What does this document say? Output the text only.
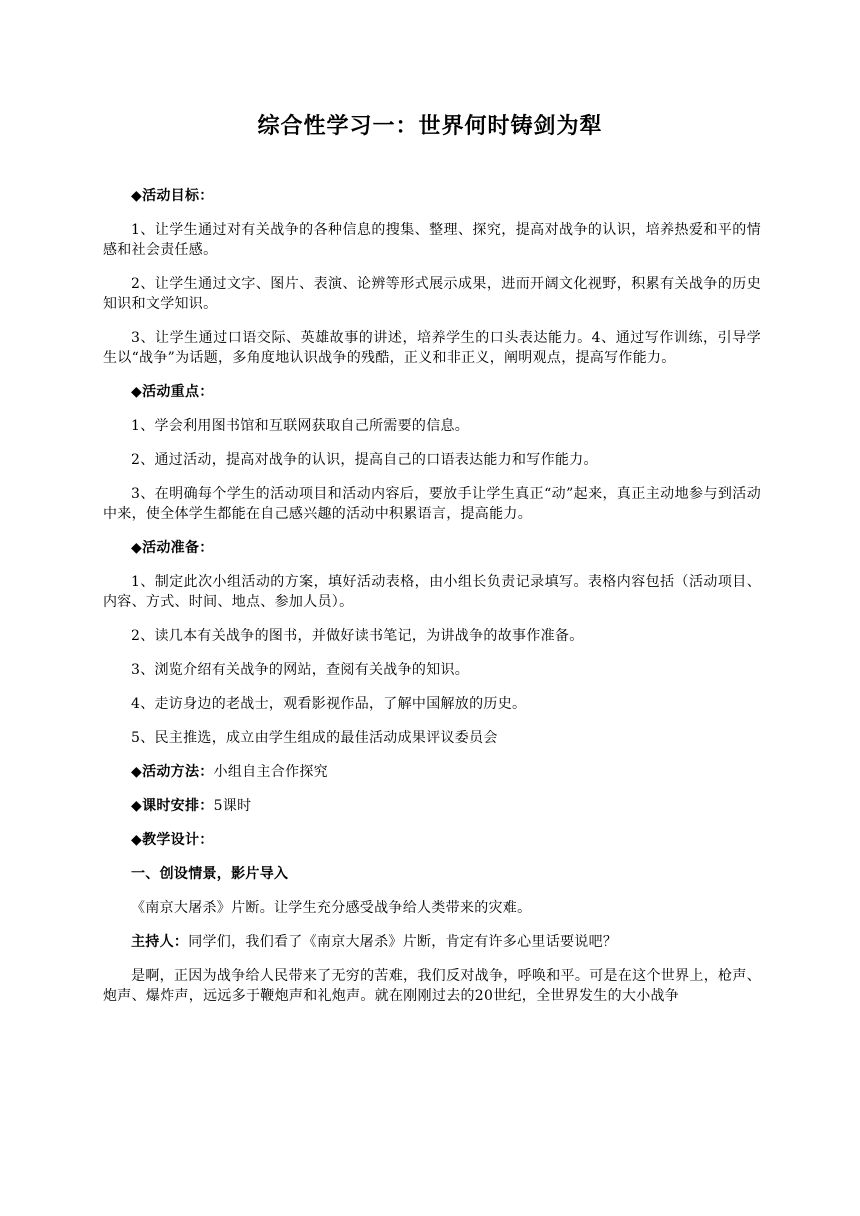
综合性学习一：世界何时铸剑为犁

◆活动目标：

1、让学生通过对有关战争的各种信息的搜集、整理、探究，提高对战争的认识，培养热爱和平的情感和社会责任感。

2、让学生通过文字、图片、表演、论辨等形式展示成果，进而开阔文化视野，积累有关战争的历史知识和文学知识。

3、让学生通过口语交际、英雄故事的讲述，培养学生的口头表达能力。4、通过写作训练，引导学生以“战争”为话题，多角度地认识战争的残酷，正义和非正义，阐明观点，提高写作能力。

◆活动重点：

1、学会利用图书馆和互联网获取自己所需要的信息。

2、通过活动，提高对战争的认识，提高自己的口语表达能力和写作能力。

3、在明确每个学生的活动项目和活动内容后，要放手让学生真正“动”起来，真正主动地参与到活动中来，使全体学生都能在自己感兴趣的活动中积累语言，提高能力。

◆活动准备：

1、制定此次小组活动的方案，填好活动表格，由小组长负责记录填写。表格内容包括（活动项目、内容、方式、时间、地点、参加人员）。

2、读几本有关战争的图书，并做好读书笔记，为讲战争的故事作准备。

3、浏览介绍有关战争的网站，查阅有关战争的知识。

4、走访身边的老战士，观看影视作品，了解中国解放的历史。

5、民主推选，成立由学生组成的最佳活动成果评议委员会

◆活动方法：小组自主合作探究

◆课时安排：5课时

◆教学设计：

一、创设情景，影片导入

《南京大屠杀》片断。让学生充分感受战争给人类带来的灾难。

主持人：同学们，我们看了《南京大屠杀》片断，肯定有许多心里话要说吧？

是啊，正因为战争给人民带来了无穷的苦难，我们反对战争，呼唤和平。可是在这个世界上，枪声、炮声、爆炸声，远远多于鞭炮声和礼炮声。就在刚刚过去的20世纪，全世界发生的大小战争
